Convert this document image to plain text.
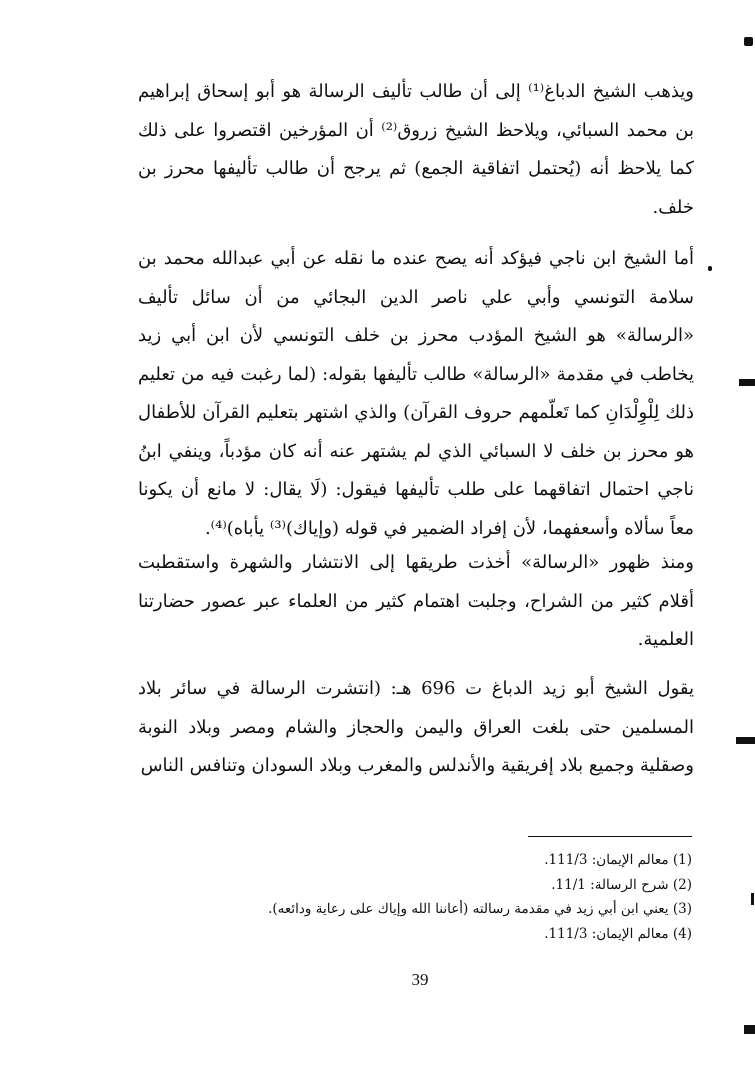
ويذهب الشيخ الدباغ⁽¹⁾ إلى أن طالب تأليف الرسالة هو أبو إسحاق إبراهيم بن محمد السبائي، ويلاحظ الشيخ زروق⁽²⁾ أن المؤرخين اقتصروا على ذلك كما يلاحظ أنه (يُحتمل اتفاقية الجمع) ثم يرجح أن طالب تأليفها محرز بن خلف.

أما الشيخ ابن ناجي فيؤكد أنه يصح عنده ما نقله عن أبي عبدالله محمد بن سلامة التونسي وأبي علي ناصر الدين البجائي من أن سائل تأليف «الرسالة» هو الشيخ المؤدب محرز بن خلف التونسي لأن ابن أبي زيد يخاطب في مقدمة «الرسالة» طالب تأليفها بقوله: (لما رغبت فيه من تعليم ذلك لِلْوِلْدَانِ كما تَعلّمهم حروف القرآن) والذي اشتهر بتعليم القرآن للأطفال هو محرز بن خلف لا السبائي الذي لم يشتهر عنه أنه كان مؤدباً، وينفي ابنُ ناجي احتمال اتفاقهما على طلب تأليفها فيقول: (لَا يقال: لا مانع أن يكونا معاً سألاه وأسعفهما، لأن إفراد الضمير في قوله (وإياك)⁽³⁾ يأباه)⁽⁴⁾.

ومنذ ظهور «الرسالة» أخذت طريقها إلى الانتشار والشهرة واستقطبت أقلام كثير من الشراح، وجلبت اهتمام كثير من العلماء عبر عصور حضارتنا العلمية.

يقول الشيخ أبو زيد الدباغ ت 696 هـ: (انتشرت الرسالة في سائر بلاد المسلمين حتى بلغت العراق واليمن والحجاز والشام ومصر وبلاد النوبة وصقلية وجميع بلاد إفريقية والأندلس والمغرب وبلاد السودان وتنافس الناس

(1) معالم الإيمان: 111/3.

(2) شرح الرسالة: 11/1.

(3) يعني ابن أبي زيد في مقدمة رسالته (أعاننا الله وإياك على رعاية ودائعه).

(4) معالم الإيمان: 111/3.

39
